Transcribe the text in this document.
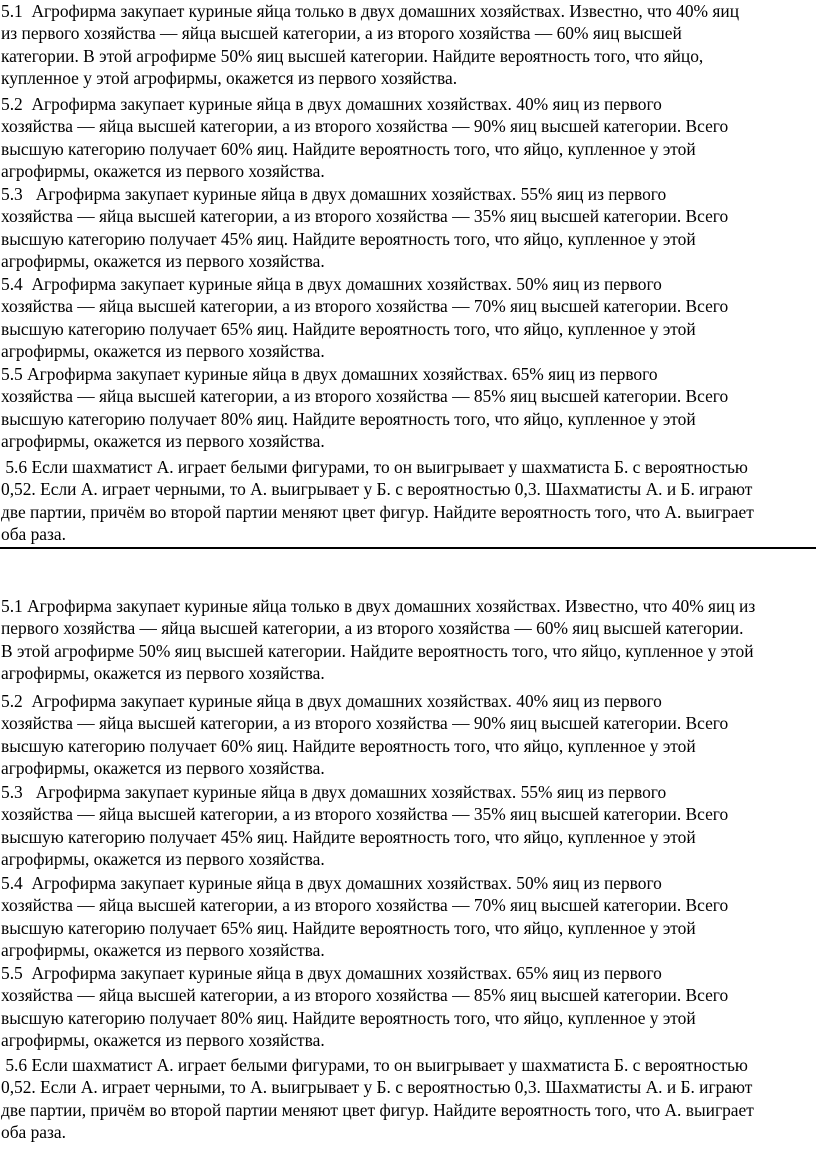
5.1 Агрофирма закупает куриные яйца только в двух домашних хозяйствах. Известно, что 40% яиц
из первого хозяйства — яйца высшей категории, а из второго хозяйства — 60% яиц высшей
категории. В этой агрофирме 50% яиц высшей категории. Найдите вероятность того, что яйцо,
купленное у этой агрофирмы, окажется из первого хозяйства.
5.2 Агрофирма закупает куриные яйца в двух домашних хозяйствах. 40% яиц из первого
хозяйства — яйца высшей категории, а из второго хозяйства — 90% яиц высшей категории. Всего
высшую категорию получает 60% яиц. Найдите вероятность того, что яйцо, купленное у этой
агрофирмы, окажется из первого хозяйства.
5.3 Агрофирма закупает куриные яйца в двух домашних хозяйствах. 55% яиц из первого
хозяйства — яйца высшей категории, а из второго хозяйства — 35% яиц высшей категории. Всего
высшую категорию получает 45% яиц. Найдите вероятность того, что яйцо, купленное у этой
агрофирмы, окажется из первого хозяйства.
5.4 Агрофирма закупает куриные яйца в двух домашних хозяйствах. 50% яиц из первого
хозяйства — яйца высшей категории, а из второго хозяйства — 70% яиц высшей категории. Всего
высшую категорию получает 65% яиц. Найдите вероятность того, что яйцо, купленное у этой
агрофирмы, окажется из первого хозяйства.
5.5 Агрофирма закупает куриные яйца в двух домашних хозяйствах. 65% яиц из первого
хозяйства — яйца высшей категории, а из второго хозяйства — 85% яиц высшей категории. Всего
высшую категорию получает 80% яиц. Найдите вероятность того, что яйцо, купленное у этой
агрофирмы, окажется из первого хозяйства.
5.6 Если шахматист А. играет белыми фигурами, то он выигрывает у шахматиста Б. с вероятностью
0,52. Если А. играет черными, то А. выигрывает у Б. с вероятностью 0,3. Шахматисты А. и Б. играют
две партии, причём во второй партии меняют цвет фигур. Найдите вероятность того, что А. выиграет
оба раза.
5.1 Агрофирма закупает куриные яйца только в двух домашних хозяйствах. Известно, что 40% яиц из
первого хозяйства — яйца высшей категории, а из второго хозяйства — 60% яиц высшей категории.
В этой агрофирме 50% яиц высшей категории. Найдите вероятность того, что яйцо, купленное у этой
агрофирмы, окажется из первого хозяйства.
5.2 Агрофирма закупает куриные яйца в двух домашних хозяйствах. 40% яиц из первого
хозяйства — яйца высшей категории, а из второго хозяйства — 90% яиц высшей категории. Всего
высшую категорию получает 60% яиц. Найдите вероятность того, что яйцо, купленное у этой
агрофирмы, окажется из первого хозяйства.
5.3 Агрофирма закупает куриные яйца в двух домашних хозяйствах. 55% яиц из первого
хозяйства — яйца высшей категории, а из второго хозяйства — 35% яиц высшей категории. Всего
высшую категорию получает 45% яиц. Найдите вероятность того, что яйцо, купленное у этой
агрофирмы, окажется из первого хозяйства.
5.4 Агрофирма закупает куриные яйца в двух домашних хозяйствах. 50% яиц из первого
хозяйства — яйца высшей категории, а из второго хозяйства — 70% яиц высшей категории. Всего
высшую категорию получает 65% яиц. Найдите вероятность того, что яйцо, купленное у этой
агрофирмы, окажется из первого хозяйства.
5.5 Агрофирма закупает куриные яйца в двух домашних хозяйствах. 65% яиц из первого
хозяйства — яйца высшей категории, а из второго хозяйства — 85% яиц высшей категории. Всего
высшую категорию получает 80% яиц. Найдите вероятность того, что яйцо, купленное у этой
агрофирмы, окажется из первого хозяйства.
5.6 Если шахматист А. играет белыми фигурами, то он выигрывает у шахматиста Б. с вероятностью
0,52. Если А. играет черными, то А. выигрывает у Б. с вероятностью 0,3. Шахматисты А. и Б. играют
две партии, причём во второй партии меняют цвет фигур. Найдите вероятность того, что А. выиграет
оба раза.
